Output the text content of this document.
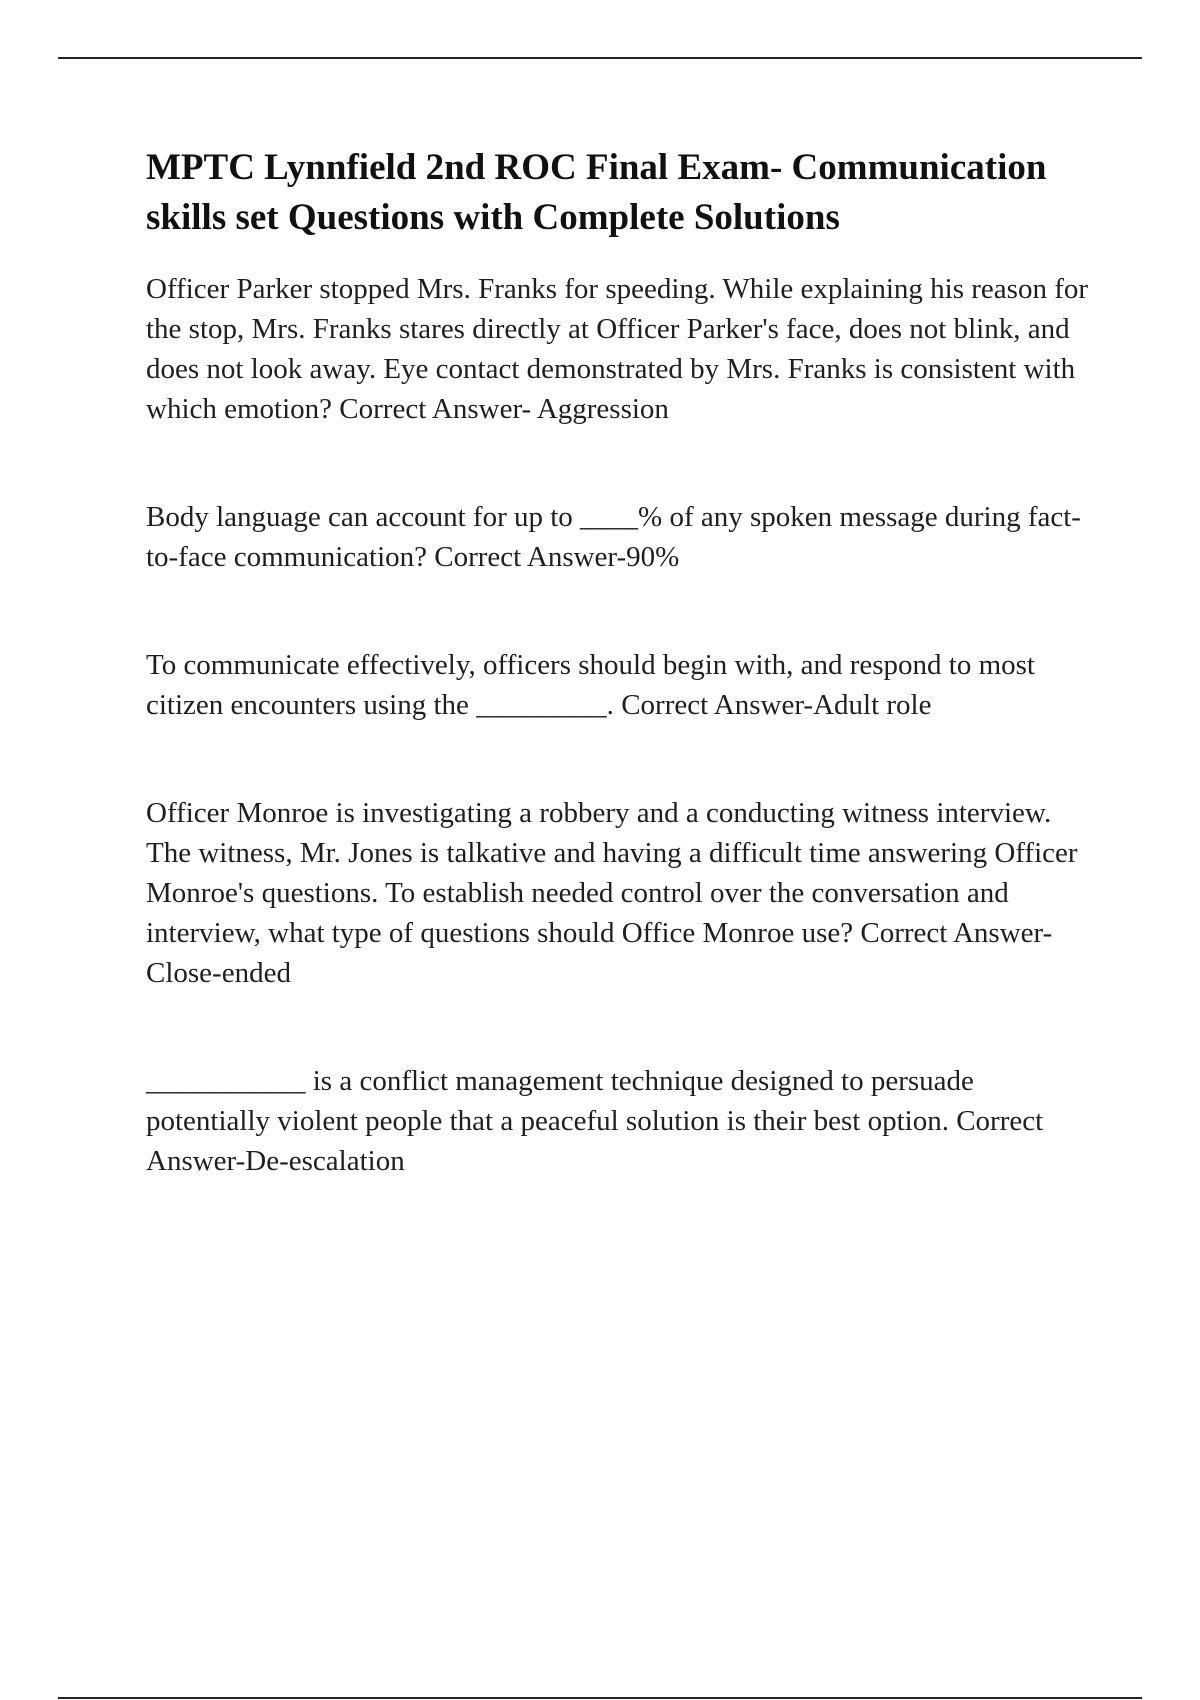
MPTC Lynnfield 2nd ROC Final Exam- Communication skills set Questions with Complete Solutions
Officer Parker stopped Mrs. Franks for speeding. While explaining his reason for the stop, Mrs. Franks stares directly at Officer Parker's face, does not blink, and does not look away. Eye contact demonstrated by Mrs. Franks is consistent with which emotion? Correct Answer- Aggression
Body language can account for up to ____% of any spoken message during fact-to-face communication? Correct Answer-90%
To communicate effectively, officers should begin with, and respond to most citizen encounters using the _________. Correct Answer-Adult role
Officer Monroe is investigating a robbery and a conducting witness interview. The witness, Mr. Jones is talkative and having a difficult time answering Officer Monroe's questions. To establish needed control over the conversation and interview, what type of questions should Office Monroe use? Correct Answer-Close-ended
___________ is a conflict management technique designed to persuade potentially violent people that a peaceful solution is their best option. Correct Answer-De-escalation
